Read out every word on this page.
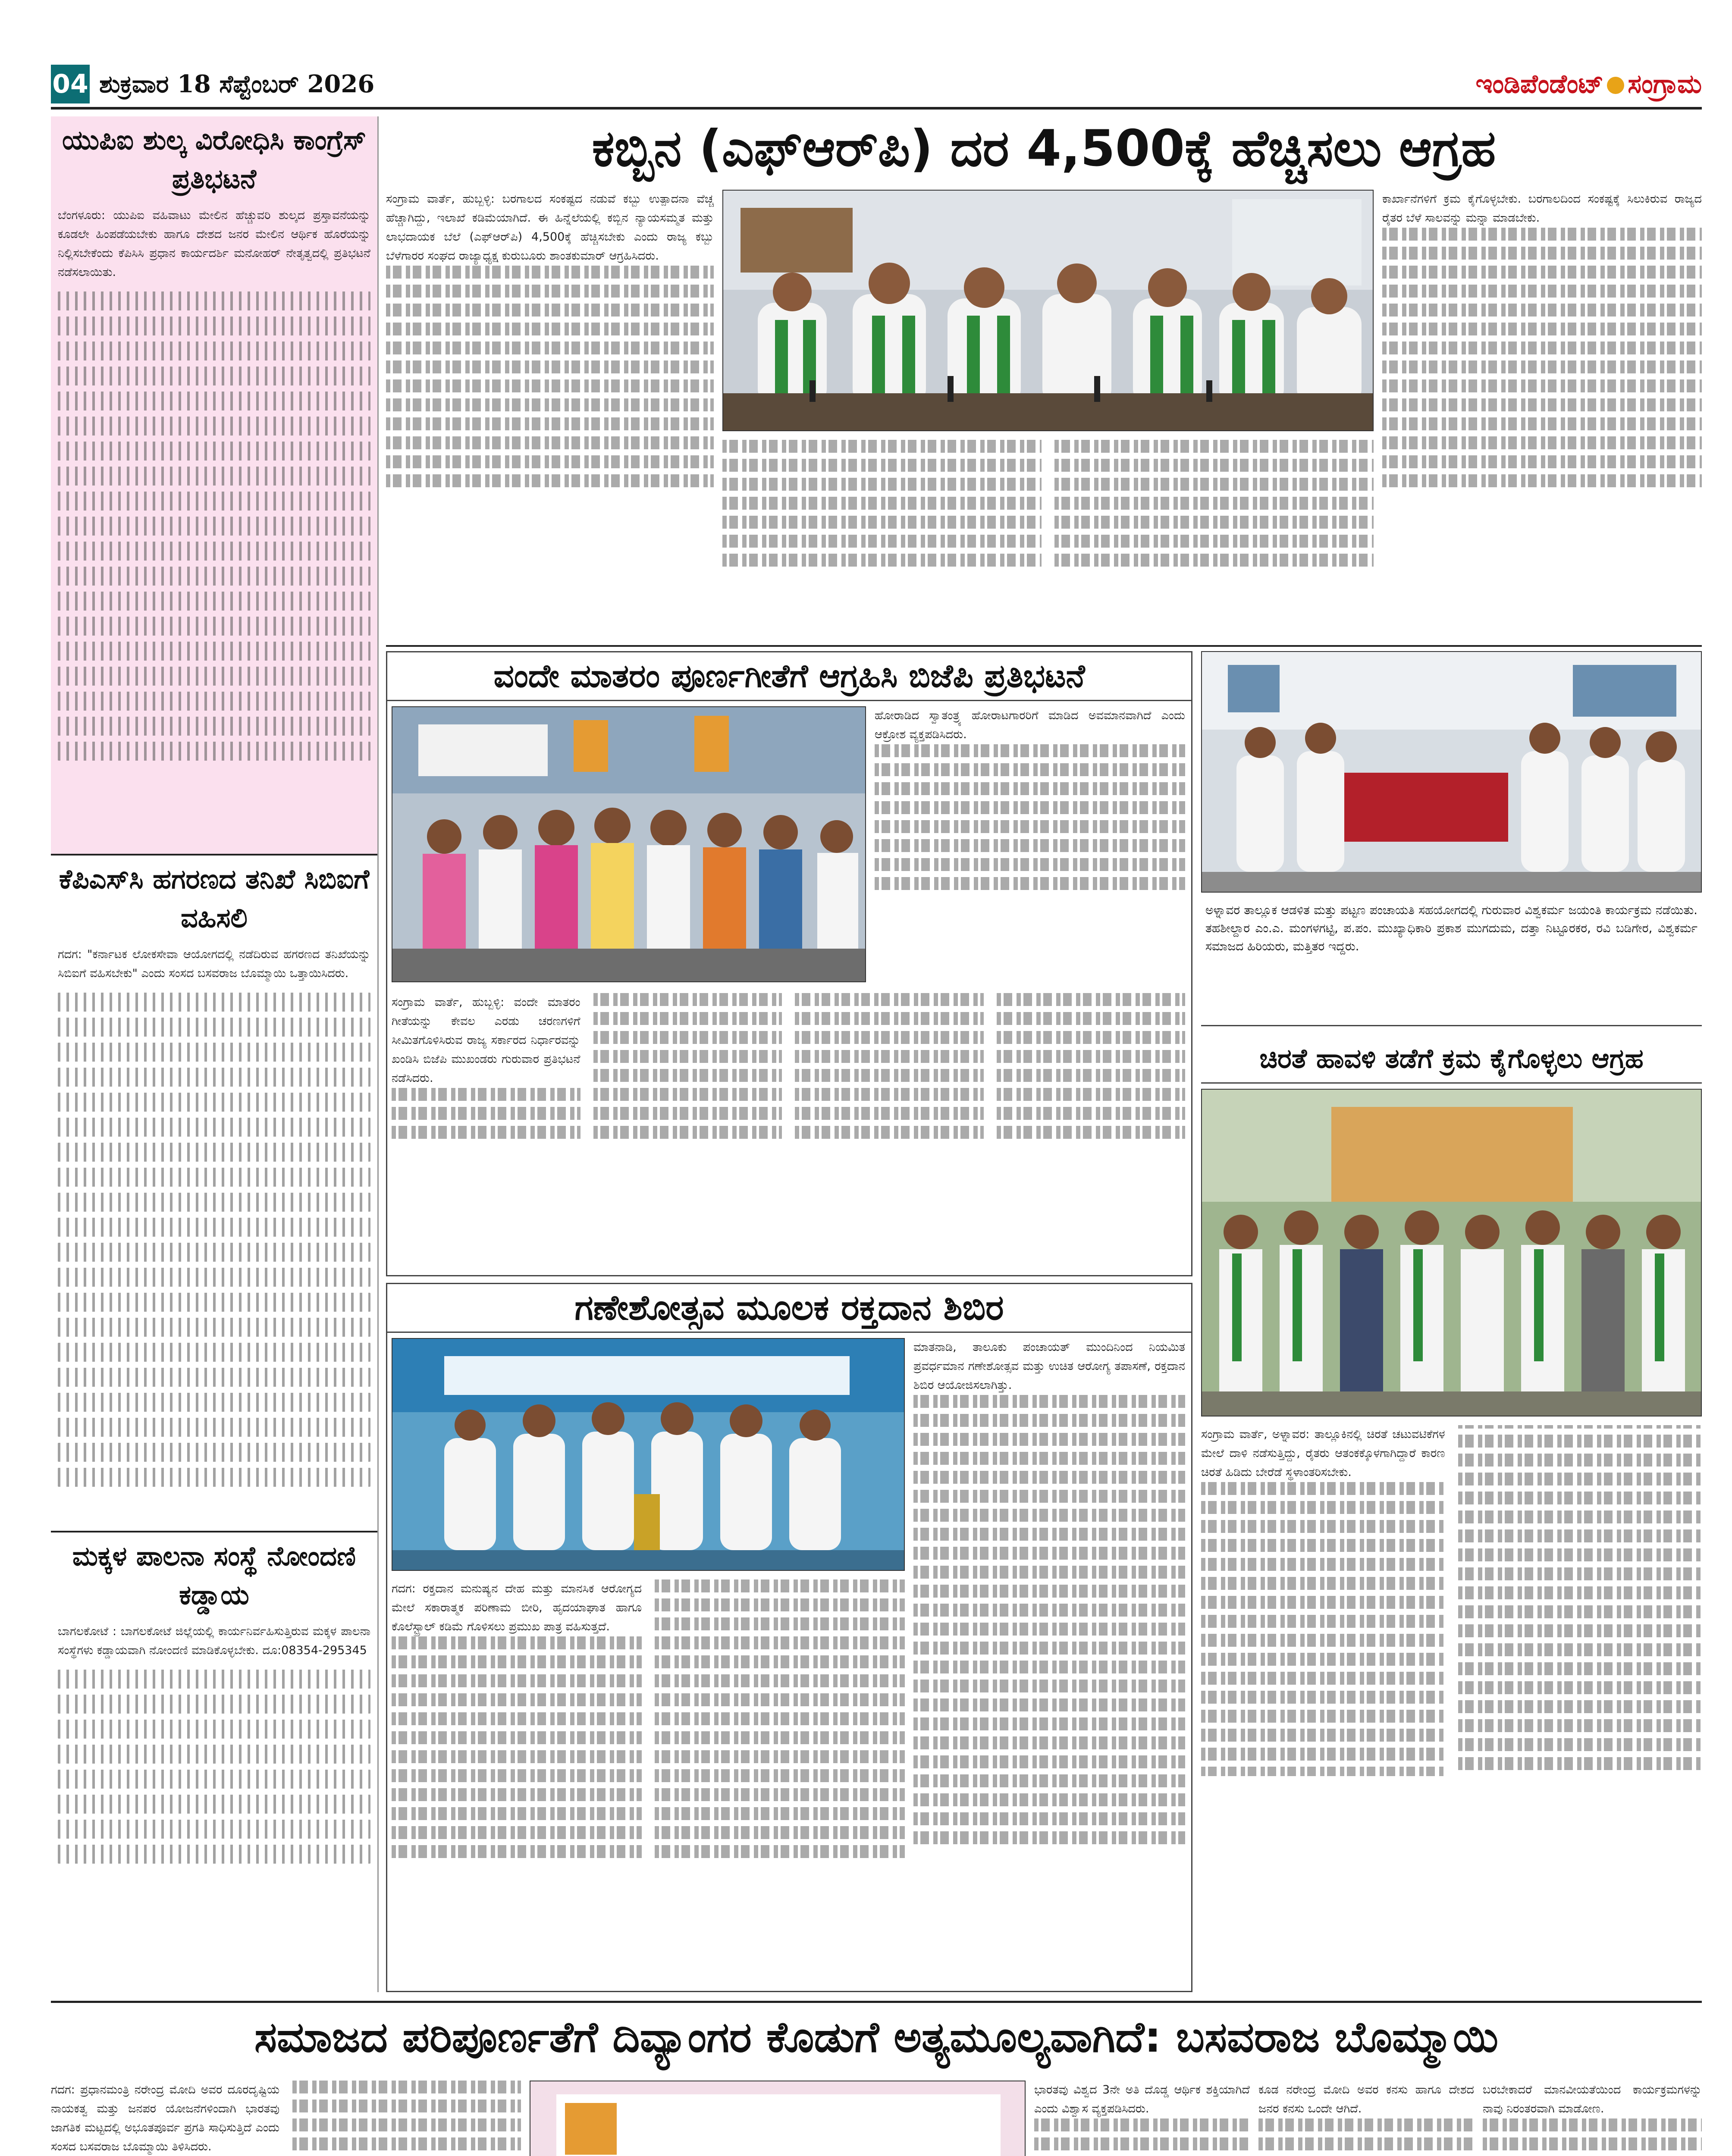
04 ಶುಕ್ರವಾರ 18 ಸೆಪ್ಟೆಂಬರ್ 2026	ಇಂಡಿಪೆಂಡೆಂಟ್ ಸಂಗ್ರಾಮ
ಯುಪಿಐ ಶುಲ್ಕ ವಿರೋಧಿಸಿ ಕಾಂಗ್ರೆಸ್ ಪ್ರತಿಭಟನೆ
ಬೆಂಗಳೂರು: ಯುಪಿಐ ವಹಿವಾಟು ಮೇಲಿನ ಹೆಚ್ಚುವರಿ ಶುಲ್ಕದ ಪ್ರಸ್ತಾವನೆಯನ್ನು ಕೂಡಲೇ ಹಿಂಪಡೆಯಬೇಕು ಹಾಗೂ ದೇಶದ ಜನರ ಮೇಲಿನ ಆರ್ಥಿಕ ಹೊರೆಯನ್ನು ನಿಲ್ಲಿಸಬೇಕೆಂದು ಕೆಪಿಸಿಸಿ ಪ್ರಧಾನ ಕಾರ್ಯದರ್ಶಿ ಮನೋಹರ್ ನೇತೃತ್ವದಲ್ಲಿ ಪ್ರತಿಭಟನೆ ನಡೆಸಲಾಯಿತು.
ಕೆಪಿಎಸ್‌ಸಿ ಹಗರಣದ ತನಿಖೆ ಸಿಬಿಐಗೆ ವಹಿಸಲಿ
ಗದಗ: "ಕರ್ನಾಟಕ ಲೋಕಸೇವಾ ಆಯೋಗದಲ್ಲಿ ನಡೆದಿರುವ ಹಗರಣದ ತನಿಖೆಯನ್ನು ಸಿಬಿಐಗೆ ವಹಿಸಬೇಕು" ಎಂದು ಸಂಸದ ಬಸವರಾಜ ಬೊಮ್ಮಾಯಿ ಒತ್ತಾಯಿಸಿದರು.
ಮಕ್ಕಳ ಪಾಲನಾ ಸಂಸ್ಥೆ ನೋಂದಣಿ ಕಡ್ಡಾಯ
ಬಾಗಲಕೋಟೆ : ಬಾಗಲಕೋಟೆ ಜಿಲ್ಲೆಯಲ್ಲಿ ಕಾರ್ಯನಿರ್ವಹಿಸುತ್ತಿರುವ ಮಕ್ಕಳ ಪಾಲನಾ ಸಂಸ್ಥೆಗಳು ಕಡ್ಡಾಯವಾಗಿ ನೋಂದಣಿ ಮಾಡಿಕೊಳ್ಳಬೇಕು. ದೂ:08354-295345
ಕಬ್ಬಿನ (ಎಫ್‌ಆರ್‌ಪಿ) ದರ 4,500ಕ್ಕೆ ಹೆಚ್ಚಿಸಲು ಆಗ್ರಹ
ಸಂಗ್ರಾಮ ವಾರ್ತೆ, ಹುಬ್ಬಳ್ಳಿ: ಬರಗಾಲದ ಸಂಕಷ್ಟದ ನಡುವೆ ಕಬ್ಬು ಉತ್ಪಾದನಾ ವೆಚ್ಚ ಹೆಚ್ಚಾಗಿದ್ದು, ಇಲಾಖೆ ಕಡಿಮೆಯಾಗಿದೆ. ಈ ಹಿನ್ನೆಲೆಯಲ್ಲಿ ಕಬ್ಬಿನ ನ್ಯಾಯಸಮ್ಮತ ಮತ್ತು ಲಾಭದಾಯಕ ಬೆಲೆ (ಎಫ್‌ಆರ್‌ಪಿ) 4,500ಕ್ಕೆ ಹೆಚ್ಚಿಸಬೇಕು ಎಂದು ರಾಜ್ಯ ಕಬ್ಬು ಬೆಳೆಗಾರರ ಸಂಘದ ರಾಜ್ಯಾಧ್ಯಕ್ಷ ಕುರುಬೂರು ಶಾಂತಕುಮಾರ್ ಆಗ್ರಹಿಸಿದರು.
ಕಾರ್ಖಾನೆಗಳಿಗೆ ಕ್ರಮ ಕೈಗೊಳ್ಳಬೇಕು. ಬರಗಾಲದಿಂದ ಸಂಕಷ್ಟಕ್ಕೆ ಸಿಲುಕಿರುವ ರಾಜ್ಯದ ರೈತರ ಬೆಳೆ ಸಾಲವನ್ನು ಮನ್ನಾ ಮಾಡಬೇಕು.
ವಂದೇ ಮಾತರಂ ಪೂರ್ಣಗೀತೆಗೆ ಆಗ್ರಹಿಸಿ ಬಿಜೆಪಿ ಪ್ರತಿಭಟನೆ
ಹೋರಾಡಿದ ಸ್ವಾತಂತ್ರ್ಯ ಹೋರಾಟಗಾರರಿಗೆ ಮಾಡಿದ ಅವಮಾನವಾಗಿದೆ ಎಂದು ಆಕ್ರೋಶ ವ್ಯಕ್ತಪಡಿಸಿದರು.
ಸಂಗ್ರಾಮ ವಾರ್ತೆ, ಹುಬ್ಬಳ್ಳಿ: ವಂದೇ ಮಾತರಂ ಗೀತೆಯನ್ನು ಕೇವಲ ಎರಡು ಚರಣಗಳಿಗೆ ಸೀಮಿತಗೊಳಿಸಿರುವ ರಾಜ್ಯ ಸರ್ಕಾರದ ನಿರ್ಧಾರವನ್ನು ಖಂಡಿಸಿ ಬಿಜೆಪಿ ಮುಖಂಡರು ಗುರುವಾರ ಪ್ರತಿಭಟನೆ ನಡೆಸಿದರು.
ಅಳ್ನಾವರ ತಾಲ್ಲೂಕ ಆಡಳಿತ ಮತ್ತು ಪಟ್ಟಣ ಪಂಚಾಯತಿ ಸಹಯೋಗದಲ್ಲಿ ಗುರುವಾರ ವಿಶ್ವಕರ್ಮ ಜಯಂತಿ ಕಾರ್ಯಕ್ರಮ ನಡೆಯಿತು. ತಹಶೀಲ್ದಾರ ಎಂ.ಎ. ಮಂಗಳಗಟ್ಟಿ, ಪ.ಪಂ. ಮುಖ್ಯಾಧಿಕಾರಿ ಪ್ರಕಾಶ ಮುಗದುಮ, ದತ್ತಾ ನಿಟ್ಟೂರಕರ, ರವಿ ಬಡಿಗೇರ, ವಿಶ್ವಕರ್ಮ ಸಮಾಜದ ಹಿರಿಯರು, ಮತ್ತಿತರ ಇದ್ದರು.
ಚಿರತೆ ಹಾವಳಿ ತಡೆಗೆ ಕ್ರಮ ಕೈಗೊಳ್ಳಲು ಆಗ್ರಹ
ಸಂಗ್ರಾಮ ವಾರ್ತೆ, ಅಳ್ನಾವರ: ತಾಲ್ಲೂಕಿನಲ್ಲಿ ಚಿರತೆ ಚಟುವಟಿಕೆಗಳ ಮೇಲೆ ದಾಳಿ ನಡೆಸುತ್ತಿದ್ದು, ರೈತರು ಆತಂಕಕ್ಕೊಳಗಾಗಿದ್ದಾರೆ ಕಾರಣ ಚಿರತೆ ಹಿಡಿದು ಬೇರೆಡೆ ಸ್ಥಳಾಂತರಿಸಬೇಕು.
ಗಣೇಶೋತ್ಸವ ಮೂಲಕ ರಕ್ತದಾನ ಶಿಬಿರ
ಮಾತನಾಡಿ, ತಾಲೂಕು ಪಂಚಾಯತ್ ಮುಂದಿನಿಂದ ನಿಯಮಿತ ಪ್ರವರ್ಧಮಾನ ಗಣೇಶೋತ್ಸವ ಮತ್ತು ಉಚಿತ ಆರೋಗ್ಯ ತಪಾಸಣೆ, ರಕ್ತದಾನ ಶಿಬಿರ ಆಯೋಜಿಸಲಾಗಿತ್ತು.
ಗದಗ: ರಕ್ತದಾನ ಮನುಷ್ಯನ ದೇಹ ಮತ್ತು ಮಾನಸಿಕ ಆರೋಗ್ಯದ ಮೇಲೆ ಸಕಾರಾತ್ಮಕ ಪರಿಣಾಮ ಬೀರಿ, ಹೃದಯಾಘಾತ ಹಾಗೂ ಕೊಲೆಸ್ಟ್ರಾಲ್ ಕಡಿಮೆ ಗೊಳಿಸಲು ಪ್ರಮುಖ ಪಾತ್ರ ವಹಿಸುತ್ತದೆ.
ಸಮಾಜದ ಪರಿಪೂರ್ಣತೆಗೆ ದಿವ್ಯಾಂಗರ ಕೊಡುಗೆ ಅತ್ಯಮೂಲ್ಯವಾಗಿದೆ: ಬಸವರಾಜ ಬೊಮ್ಮಾಯಿ
ಗದಗ: ಪ್ರಧಾನಮಂತ್ರಿ ನರೇಂದ್ರ ಮೋದಿ ಅವರ ದೂರದೃಷ್ಟಿಯ ನಾಯಕತ್ವ ಮತ್ತು ಜನಪರ ಯೋಜನೆಗಳಿಂದಾಗಿ ಭಾರತವು ಜಾಗತಿಕ ಮಟ್ಟದಲ್ಲಿ ಅಭೂತಪೂರ್ವ ಪ್ರಗತಿ ಸಾಧಿಸುತ್ತಿದೆ ಎಂದು ಸಂಸದ ಬಸವರಾಜ ಬೊಮ್ಮಾಯಿ ತಿಳಿಸಿದರು.
ಭಾರತವು ವಿಶ್ವದ 3ನೇ ಅತಿ ದೊಡ್ಡ ಆರ್ಥಿಕ ಶಕ್ತಿಯಾಗಿದೆ ಎಂದು ವಿಶ್ವಾಸ ವ್ಯಕ್ತಪಡಿಸಿದರು.
ಕೂಡ ನರೇಂದ್ರ ಮೋದಿ ಅವರ ಕನಸು ಹಾಗೂ ದೇಶದ ಜನರ ಕನಸು ಒಂದೇ ಆಗಿದೆ.
ಬರಬೇಕಾದರೆ ಮಾನವೀಯತೆಯಿಂದ ಕಾರ್ಯಕ್ರಮಗಳನ್ನು ನಾವು ನಿರಂತರವಾಗಿ ಮಾಡೋಣ.
